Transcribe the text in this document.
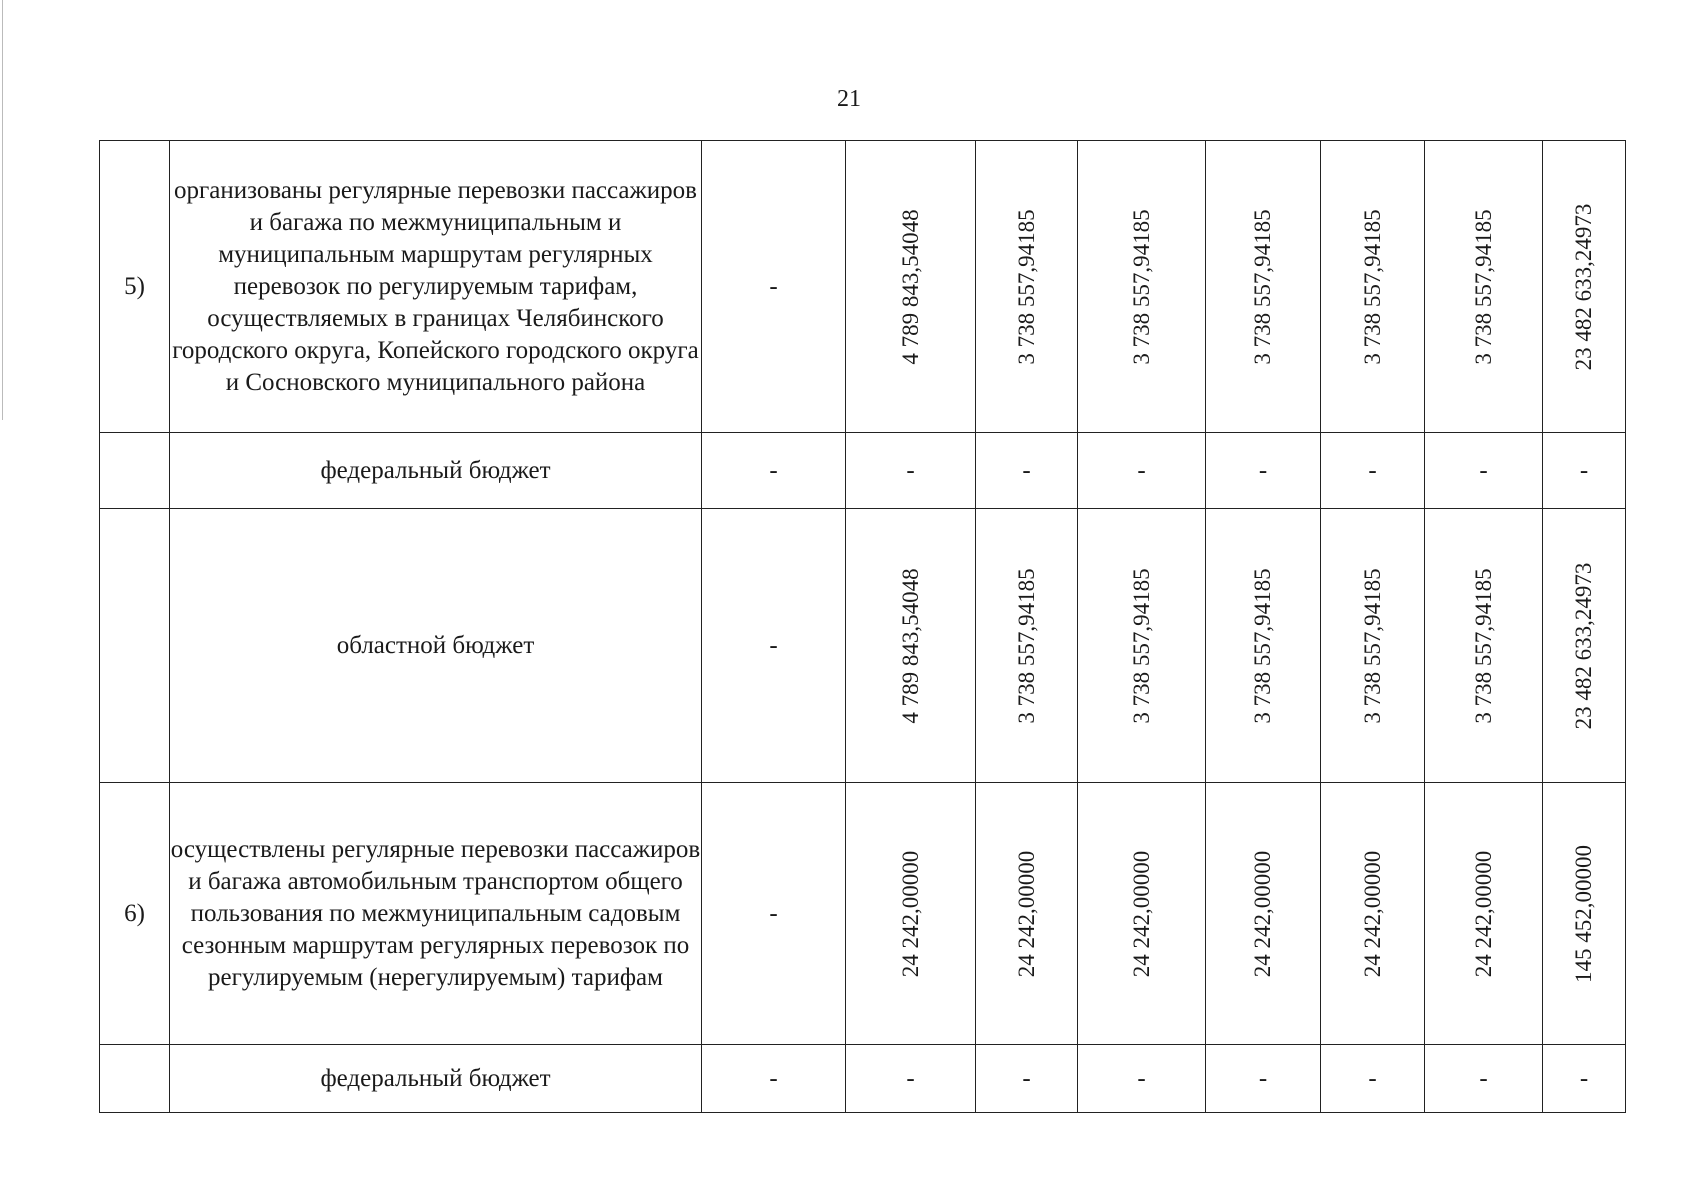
21
5)	организованы регулярные перевозки пассажиров и багажа по межмуниципальным и муниципальным маршрутам регулярных перевозок по регулируемым тарифам, осуществляемых в границах Челябинского городского округа, Копейского городского округа и Сосновского муниципального района	-	4 789 843,54048	3 738 557,94185	3 738 557,94185	3 738 557,94185	3 738 557,94185	3 738 557,94185	23 482 633,24973

	федеральный бюджет	-	-	-	-	-	-	-	-
	областной бюджет	-	4 789 843,54048	3 738 557,94185	3 738 557,94185	3 738 557,94185	3 738 557,94185	3 738 557,94185	23 482 633,24973

6)	осуществлены регулярные перевозки пассажиров и багажа автомобильным транспортом общего пользования по межмуниципальным садовым сезонным маршрутам регулярных перевозок по регулируемым (нерегулируемым) тарифам	-	24 242,00000	24 242,00000	24 242,00000	24 242,00000	24 242,00000	24 242,00000	145 452,00000

	федеральный бюджет	-	-	-	-	-	-	-	-
